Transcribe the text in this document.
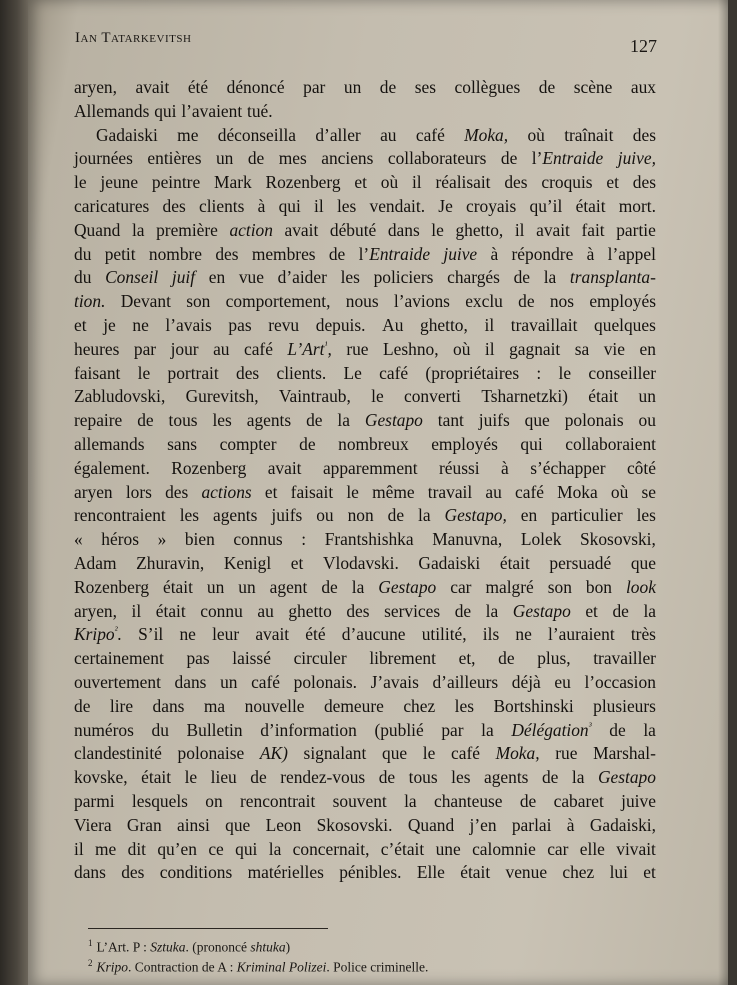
Ian Tatarkevitsh	127
aryen, avait été dénoncé par un de ses collègues de scène aux
Allemands qui l’avaient tué.
Gadaiski me déconseilla d’aller au café Moka, où traînait des
journées entières un de mes anciens collaborateurs de l’Entraide juive,
le jeune peintre Mark Rozenberg et où il réalisait des croquis et des
caricatures des clients à qui il les vendait. Je croyais qu’il était mort.
Quand la première action avait débuté dans le ghetto, il avait fait partie
du petit nombre des membres de l’Entraide juive à répondre à l’appel
du Conseil juif en vue d’aider les policiers chargés de la transplanta-
tion. Devant son comportement, nous l’avions exclu de nos employés
et je ne l’avais pas revu depuis. Au ghetto, il travaillait quelques
heures par jour au café L’Art$^{^1}$, rue Leshno, où il gagnait sa vie en
faisant le portrait des clients. Le café (propriétaires : le conseiller
Zabludovski, Gurevitsh, Vaintraub, le converti Tsharnetzki) était un
repaire de tous les agents de la Gestapo tant juifs que polonais ou
allemands sans compter de nombreux employés qui collaboraient
également. Rozenberg avait apparemment réussi à s’échapper côté
aryen lors des actions et faisait le même travail au café Moka où se
rencontraient les agents juifs ou non de la Gestapo, en particulier les
« héros » bien connus : Frantshishka Manuvna, Lolek Skosovski,
Adam Zhuravin, Kenigl et Vlodavski. Gadaiski était persuadé que
Rozenberg était un un agent de la Gestapo car malgré son bon look
aryen, il était connu au ghetto des services de la Gestapo et de la
Kripo$^{^2}$. S’il ne leur avait été d’aucune utilité, ils ne l’auraient très
certainement pas laissé circuler librement et, de plus, travailler
ouvertement dans un café polonais. J’avais d’ailleurs déjà eu l’occasion
de lire dans ma nouvelle demeure chez les Bortshinski plusieurs
numéros du Bulletin d’information (publié par la Délégation$^{^3}$ de la
clandestinité polonaise AK) signalant que le café Moka, rue Marshal-
kovske, était le lieu de rendez-vous de tous les agents de la Gestapo
parmi lesquels on rencontrait souvent la chanteuse de cabaret juive
Viera Gran ainsi que Leon Skosovski. Quand j’en parlai à Gadaiski,
il me dit qu’en ce qui la concernait, c’était une calomnie car elle vivait
dans des conditions matérielles pénibles. Elle était venue chez lui et
$^1$ L’Art. P : Sztuka. (prononcé shtuka)
$^2$ Kripo. Contraction de A : Kriminal Polizei. Police criminelle.
